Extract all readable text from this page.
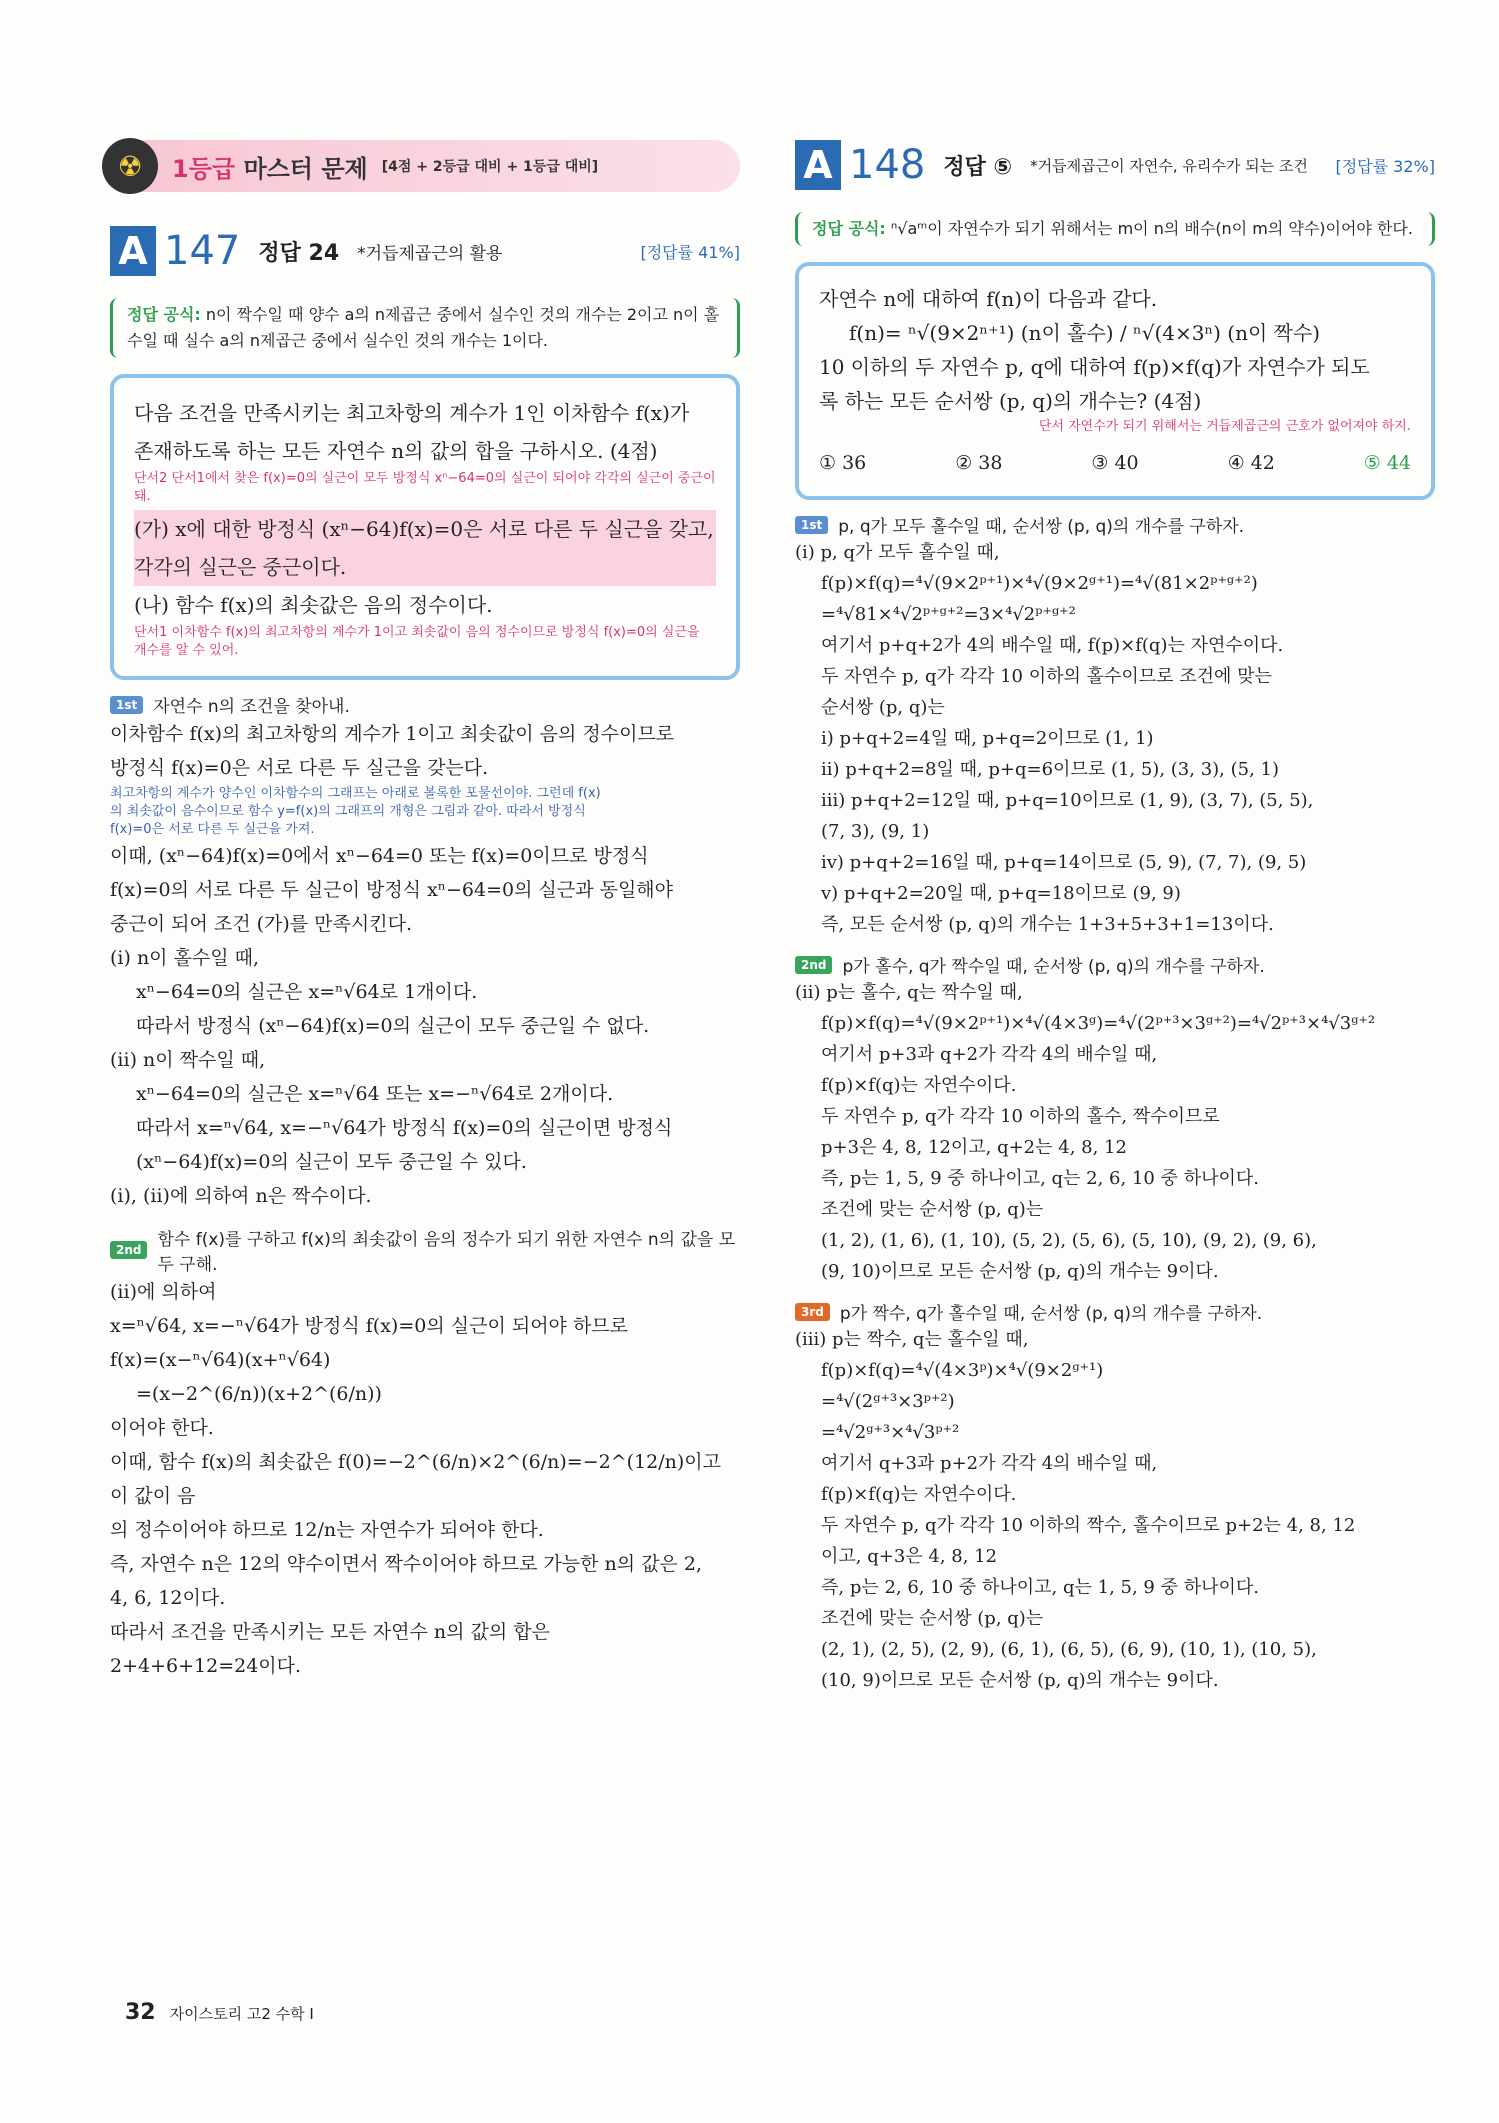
☢	1등급 마스터 문제 [4점 + 2등급 대비 + 1등급 대비]
A 147 정답 24 *거듭제곱근의 활용	[정답률 41%]
정답 공식: n이 짝수일 때 양수 a의 n제곱근 중에서 실수인 것의 개수는 2이고 n이 홀수일 때 실수 a의 n제곱근 중에서 실수인 것의 개수는 1이다.
다음 조건을 만족시키는 최고차항의 계수가 1인 이차함수 f(x)가
존재하도록 하는 모든 자연수 n의 값의 합을 구하시오. (4점)
단서2 단서1에서 찾은 f(x)=0의 실근이 모두 방정식 xⁿ−64=0의 실근이 되어야 각각의 실근이 중근이 돼.
(가) x에 대한 방정식 (xⁿ−64)f(x)=0은 서로 다른 두 실근을 갖고, 각각의 실근은 중근이다.
(나) 함수 f(x)의 최솟값은 음의 정수이다.
단서1 이차함수 f(x)의 최고차항의 계수가 1이고 최솟값이 음의 정수이므로 방정식 f(x)=0의 실근을 개수를 알 수 있어.
1st 자연수 n의 조건을 찾아내.

이차함수 f(x)의 최고차항의 계수가 1이고 최솟값이 음의 정수이므로

방정식 f(x)=0은 서로 다른 두 실근을 갖는다.

최고차항의 계수가 양수인 이차함수의 그래프는 아래로 볼록한 포물선이야. 그런데 f(x)의 최솟값이 음수이므로 함수 y=f(x)의 그래프의 개형은 그림과 같아. 따라서 방정식 f(x)=0은 서로 다른 두 실근을 가져.

이때, (xⁿ−64)f(x)=0에서 xⁿ−64=0 또는 f(x)=0이므로 방정식

f(x)=0의 서로 다른 두 실근이 방정식 xⁿ−64=0의 실근과 동일해야

중근이 되어 조건 (가)를 만족시킨다.

(i) n이 홀수일 때,

xⁿ−64=0의 실근은 x=ⁿ√64로 1개이다.

따라서 방정식 (xⁿ−64)f(x)=0의 실근이 모두 중근일 수 없다.

(ii) n이 짝수일 때,

xⁿ−64=0의 실근은 x=ⁿ√64 또는 x=−ⁿ√64로 2개이다.

따라서 x=ⁿ√64, x=−ⁿ√64가 방정식 f(x)=0의 실근이면 방정식

(xⁿ−64)f(x)=0의 실근이 모두 중근일 수 있다.

(i), (ii)에 의하여 n은 짝수이다.

2nd 함수 f(x)를 구하고 f(x)의 최솟값이 음의 정수가 되기 위한 자연수 n의 값을 모두 구해.

(ii)에 의하여

x=ⁿ√64, x=−ⁿ√64가 방정식 f(x)=0의 실근이 되어야 하므로

f(x)=(x−ⁿ√64)(x+ⁿ√64)

=(x−2^(6/n))(x+2^(6/n))

이어야 한다.

이때, 함수 f(x)의 최솟값은 f(0)=−2^(6/n)×2^(6/n)=−2^(12/n)이고 이 값이 음

의 정수이어야 하므로 12/n는 자연수가 되어야 한다.

즉, 자연수 n은 12의 약수이면서 짝수이어야 하므로 가능한 n의 값은 2,

4, 6, 12이다.

따라서 조건을 만족시키는 모든 자연수 n의 값의 합은

2+4+6+12=24이다.

A 148 정답 ⑤ *거듭제곱근이 자연수, 유리수가 되는 조건	[정답률 32%]
정답 공식: ⁿ√aᵐ이 자연수가 되기 위해서는 m이 n의 배수(n이 m의 약수)이어야 한다.
자연수 n에 대하여 f(n)이 다음과 같다.
f(n)= ⁿ√(9×2ⁿ⁺¹) (n이 홀수) / ⁿ√(4×3ⁿ) (n이 짝수)
10 이하의 두 자연수 p, q에 대하여 f(p)×f(q)가 자연수가 되도
록 하는 모든 순서쌍 (p, q)의 개수는? (4점)
단서 자연수가 되기 위해서는 거듭제곱근의 근호가 없어져야 하지.
① 36	② 38	③ 40	④ 42	⑤ 44
1st p, q가 모두 홀수일 때, 순서쌍 (p, q)의 개수를 구하자.

(i) p, q가 모두 홀수일 때,

f(p)×f(q)=⁴√(9×2ᵖ⁺¹)×⁴√(9×2ᵍ⁺¹)=⁴√(81×2ᵖ⁺ᵍ⁺²)

=⁴√81×⁴√2ᵖ⁺ᵍ⁺²=3×⁴√2ᵖ⁺ᵍ⁺²

여기서 p+q+2가 4의 배수일 때, f(p)×f(q)는 자연수이다.

두 자연수 p, q가 각각 10 이하의 홀수이므로 조건에 맞는

순서쌍 (p, q)는

i) p+q+2=4일 때, p+q=2이므로 (1, 1)

ii) p+q+2=8일 때, p+q=6이므로 (1, 5), (3, 3), (5, 1)

iii) p+q+2=12일 때, p+q=10이므로 (1, 9), (3, 7), (5, 5),

(7, 3), (9, 1)

iv) p+q+2=16일 때, p+q=14이므로 (5, 9), (7, 7), (9, 5)

v) p+q+2=20일 때, p+q=18이므로 (9, 9)

즉, 모든 순서쌍 (p, q)의 개수는 1+3+5+3+1=13이다.

2nd p가 홀수, q가 짝수일 때, 순서쌍 (p, q)의 개수를 구하자.

(ii) p는 홀수, q는 짝수일 때,

f(p)×f(q)=⁴√(9×2ᵖ⁺¹)×⁴√(4×3ᵍ)=⁴√(2ᵖ⁺³×3ᵍ⁺²)=⁴√2ᵖ⁺³×⁴√3ᵍ⁺²

여기서 p+3과 q+2가 각각 4의 배수일 때,

f(p)×f(q)는 자연수이다.

두 자연수 p, q가 각각 10 이하의 홀수, 짝수이므로

p+3은 4, 8, 12이고, q+2는 4, 8, 12

즉, p는 1, 5, 9 중 하나이고, q는 2, 6, 10 중 하나이다.

조건에 맞는 순서쌍 (p, q)는

(1, 2), (1, 6), (1, 10), (5, 2), (5, 6), (5, 10), (9, 2), (9, 6),

(9, 10)이므로 모든 순서쌍 (p, q)의 개수는 9이다.

3rd p가 짝수, q가 홀수일 때, 순서쌍 (p, q)의 개수를 구하자.

(iii) p는 짝수, q는 홀수일 때,

f(p)×f(q)=⁴√(4×3ᵖ)×⁴√(9×2ᵍ⁺¹)

=⁴√(2ᵍ⁺³×3ᵖ⁺²)

=⁴√2ᵍ⁺³×⁴√3ᵖ⁺²

여기서 q+3과 p+2가 각각 4의 배수일 때,

f(p)×f(q)는 자연수이다.

두 자연수 p, q가 각각 10 이하의 짝수, 홀수이므로 p+2는 4, 8, 12

이고, q+3은 4, 8, 12

즉, p는 2, 6, 10 중 하나이고, q는 1, 5, 9 중 하나이다.

조건에 맞는 순서쌍 (p, q)는

(2, 1), (2, 5), (2, 9), (6, 1), (6, 5), (6, 9), (10, 1), (10, 5),

(10, 9)이므로 모든 순서쌍 (p, q)의 개수는 9이다.

32 자이스토리 고2 수학 I
